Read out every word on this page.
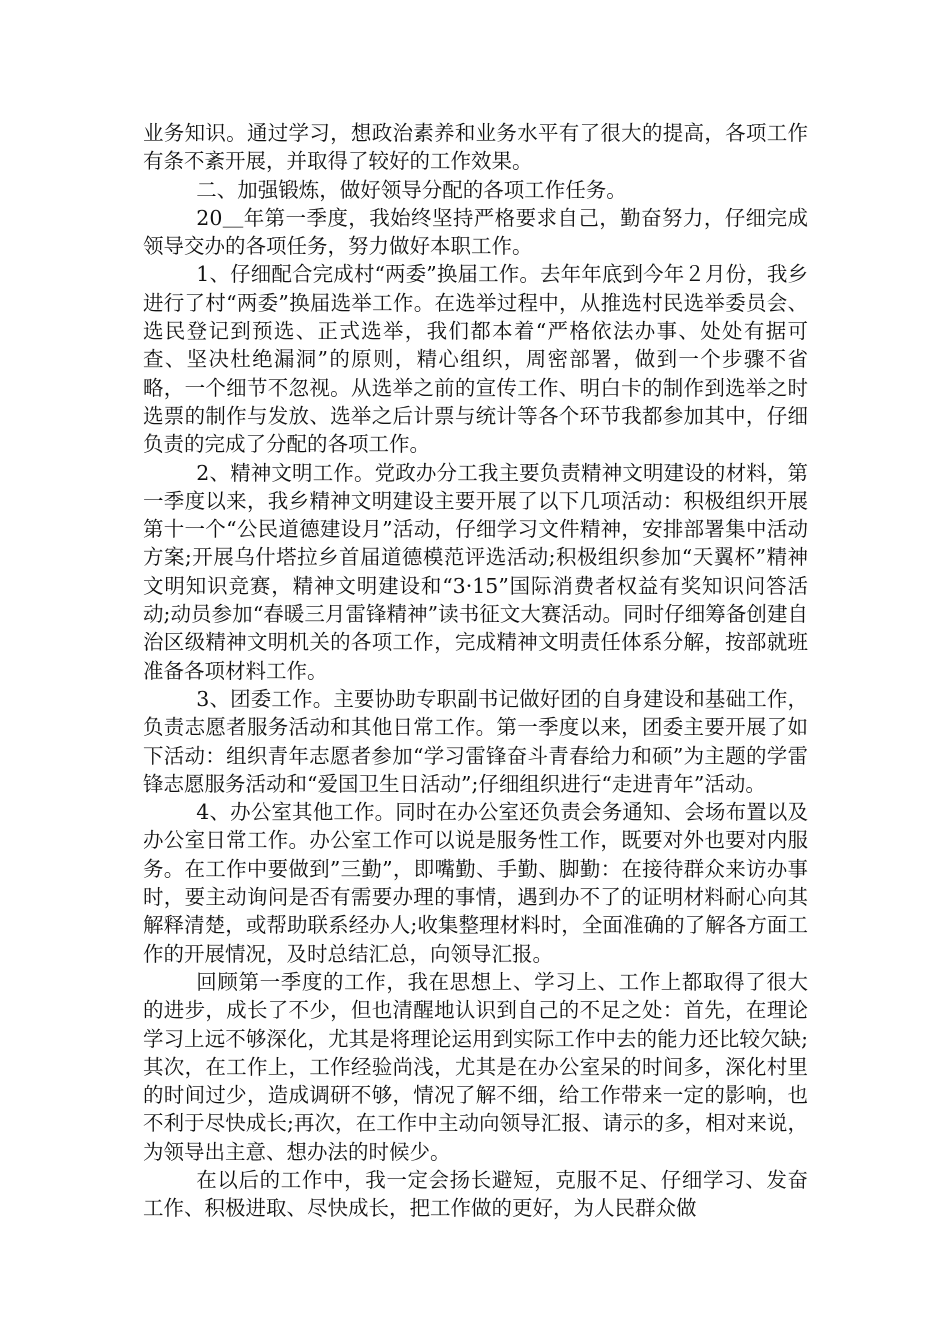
业务知识。通过学习，想政治素养和业务水平有了很大的提高，各项工作有条不紊开展，并取得了较好的工作效果。

二、加强锻炼，做好领导分配的各项工作任务。

20＿年第一季度，我始终坚持严格要求自己，勤奋努力，仔细完成领导交办的各项任务，努力做好本职工作。

1、仔细配合完成村“两委”换届工作。去年年底到今年２月份，我乡进行了村“两委”换届选举工作。在选举过程中，从推选村民选举委员会、选民登记到预选、正式选举，我们都本着“严格依法办事、处处有据可查、坚决杜绝漏洞”的原则，精心组织，周密部署，做到一个步骤不省略，一个细节不忽视。从选举之前的宣传工作、明白卡的制作到选举之时选票的制作与发放、选举之后计票与统计等各个环节我都参加其中，仔细负责的完成了分配的各项工作。

2、精神文明工作。党政办分工我主要负责精神文明建设的材料，第一季度以来，我乡精神文明建设主要开展了以下几项活动：积极组织开展第十一个“公民道德建设月”活动，仔细学习文件精神，安排部署集中活动方案;开展乌什塔拉乡首届道德模范评选活动;积极组织参加“天翼杯”精神文明知识竞赛，精神文明建设和“3·15”国际消费者权益有奖知识问答活动;动员参加“春暖三月雷锋精神”读书征文大赛活动。同时仔细筹备创建自治区级精神文明机关的各项工作，完成精神文明责任体系分解，按部就班准备各项材料工作。

3、团委工作。主要协助专职副书记做好团的自身建设和基础工作，负责志愿者服务活动和其他日常工作。第一季度以来，团委主要开展了如下活动：组织青年志愿者参加“学习雷锋奋斗青春给力和硕”为主题的学雷锋志愿服务活动和“爱国卫生日活动”;仔细组织进行“走进青年”活动。

4、办公室其他工作。同时在办公室还负责会务通知、会场布置以及办公室日常工作。办公室工作可以说是服务性工作，既要对外也要对内服务。在工作中要做到”三勤”，即嘴勤、手勤、脚勤：在接待群众来访办事时，要主动询问是否有需要办理的事情，遇到办不了的证明材料耐心向其解释清楚，或帮助联系经办人;收集整理材料时，全面准确的了解各方面工作的开展情况，及时总结汇总，向领导汇报。

回顾第一季度的工作，我在思想上、学习上、工作上都取得了很大的进步，成长了不少，但也清醒地认识到自己的不足之处：首先，在理论学习上远不够深化，尤其是将理论运用到实际工作中去的能力还比较欠缺;其次，在工作上，工作经验尚浅，尤其是在办公室呆的时间多，深化村里的时间过少，造成调研不够，情况了解不细，给工作带来一定的影响，也不利于尽快成长;再次，在工作中主动向领导汇报、请示的多，相对来说，为领导出主意、想办法的时候少。

在以后的工作中，我一定会扬长避短，克服不足、仔细学习、发奋工作、积极进取、尽快成长，把工作做的更好，为人民群众做
